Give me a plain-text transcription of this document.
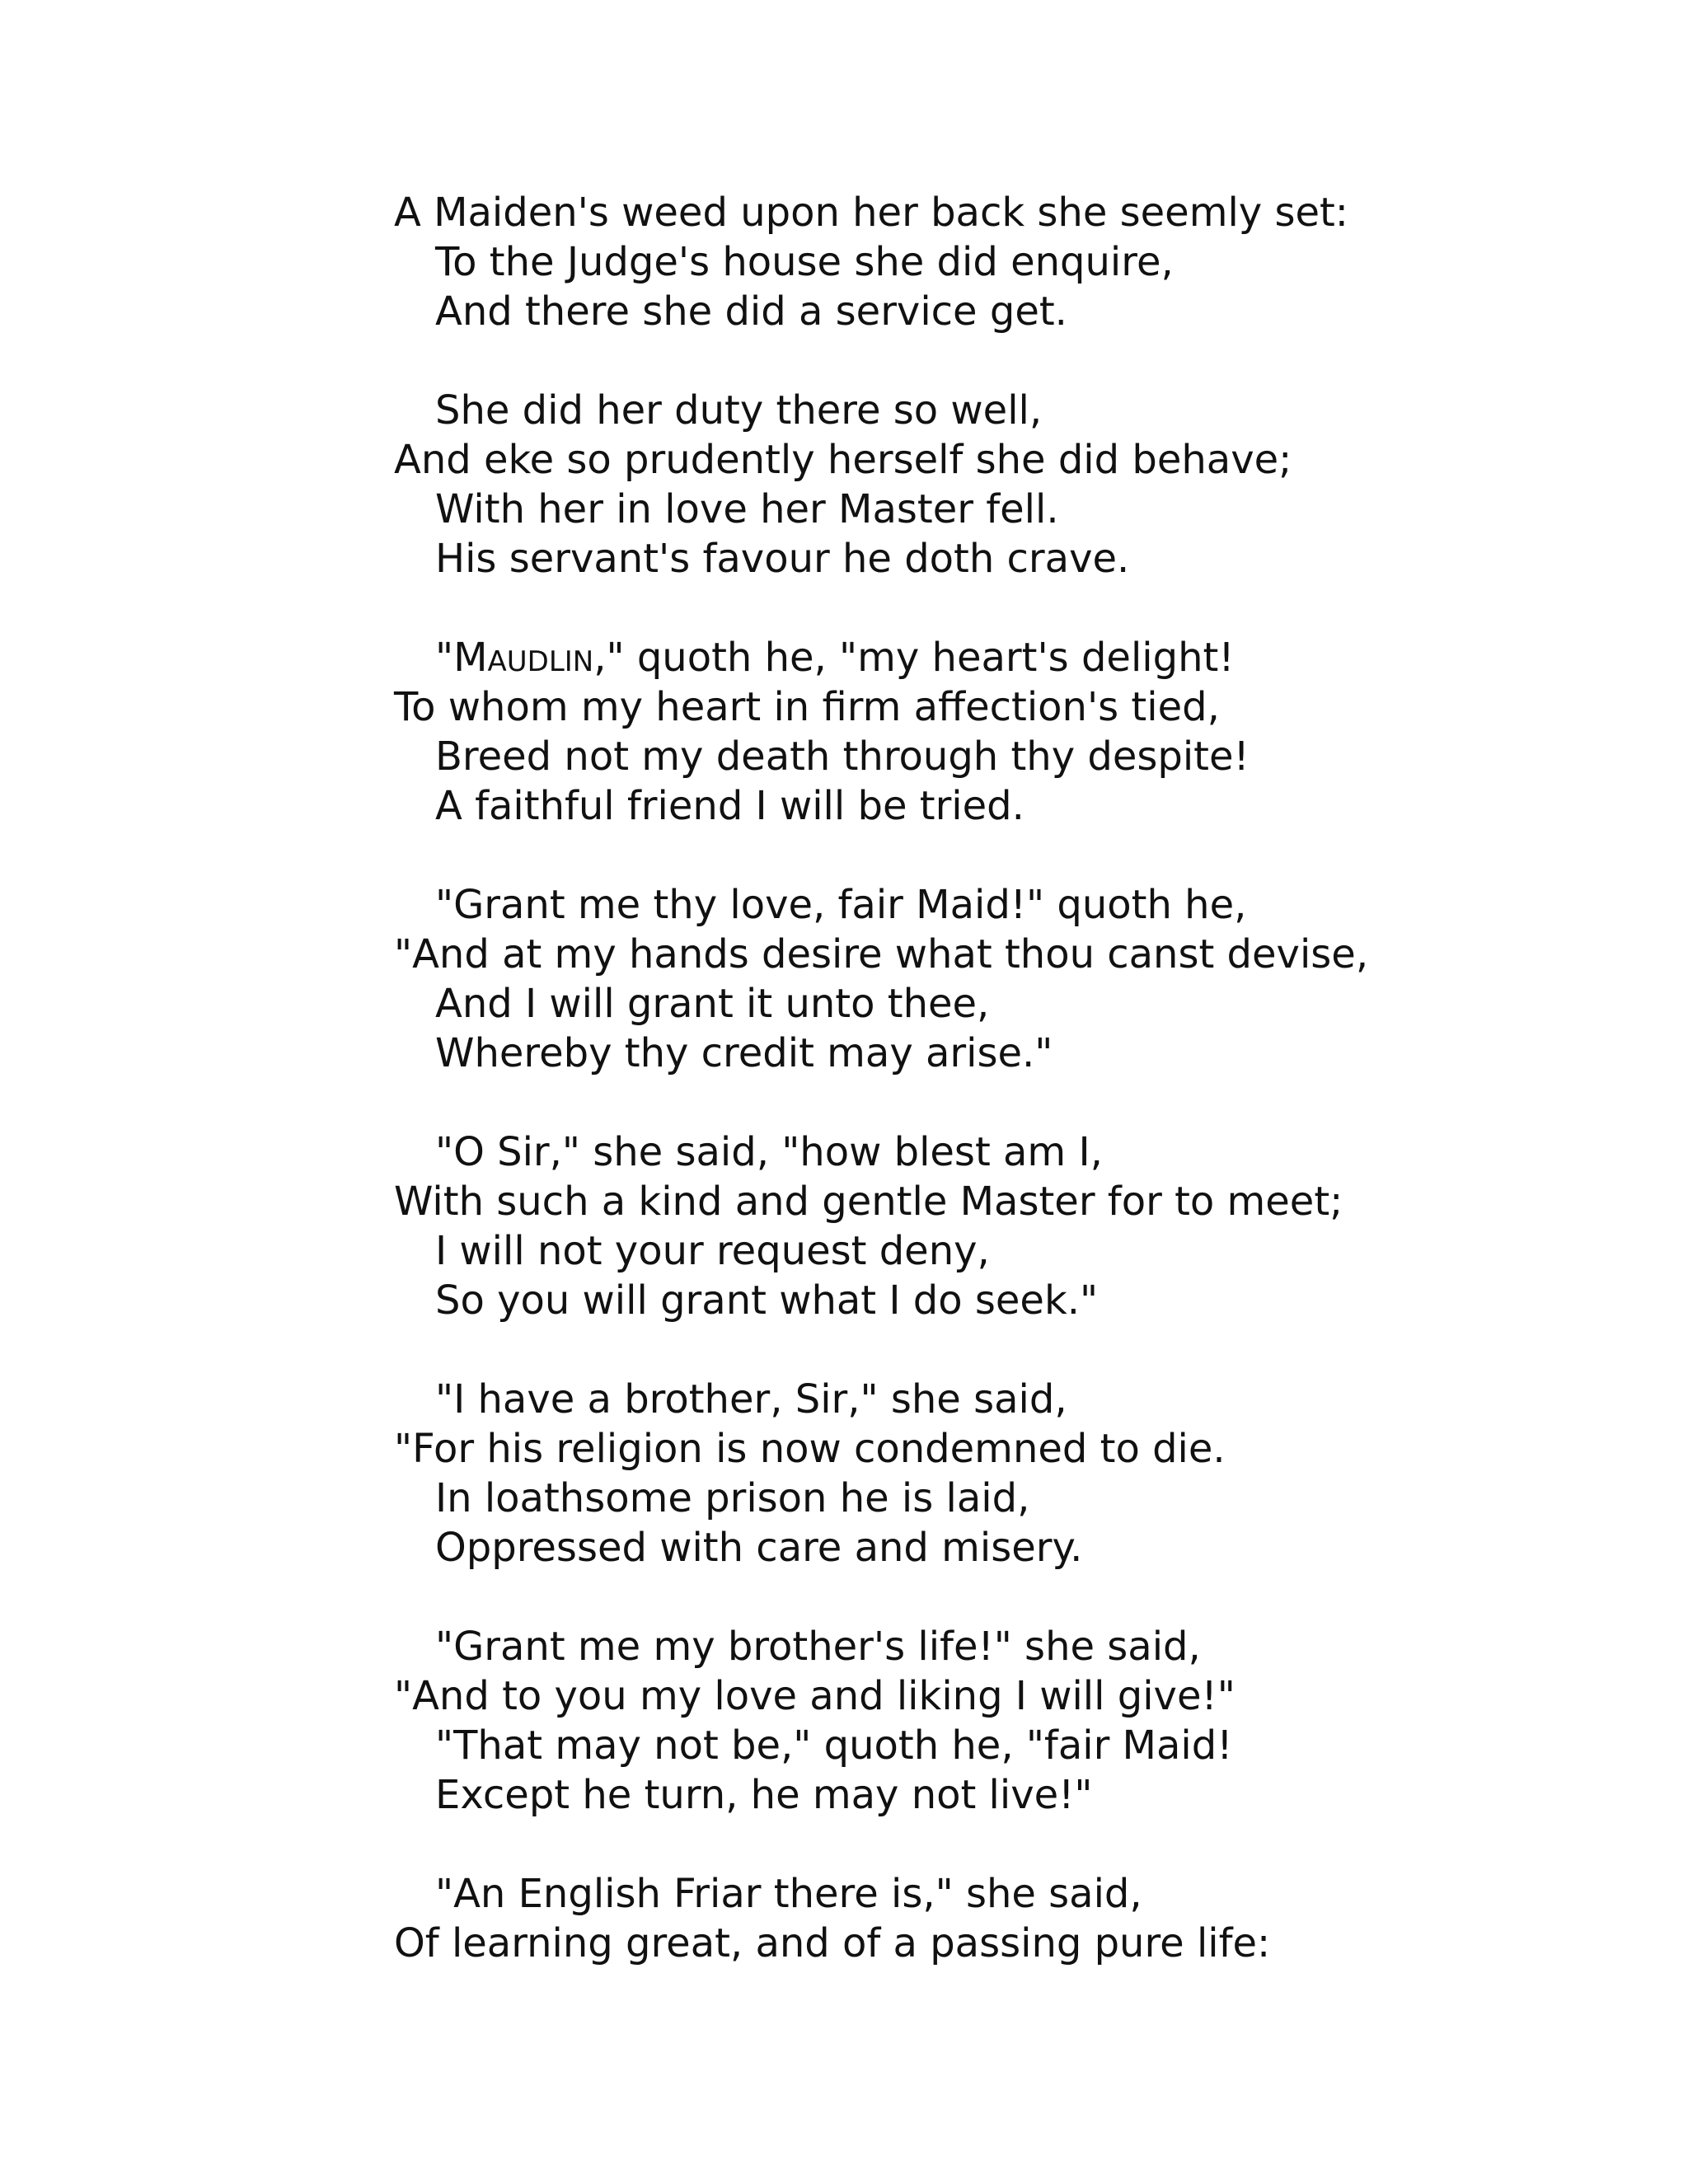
A Maiden's weed upon her back she seemly set:
To the Judge's house she did enquire,
And there she did a service get.
She did her duty there so well,
And eke so prudently herself she did behave;
With her in love her Master fell.
His servant's favour he doth crave.
"Maudlin," quoth he, "my heart's delight!
To whom my heart in firm affection's tied,
Breed not my death through thy despite!
A faithful friend I will be tried.
"Grant me thy love, fair Maid!" quoth he,
"And at my hands desire what thou canst devise,
And I will grant it unto thee,
Whereby thy credit may arise."
"O Sir," she said, "how blest am I,
With such a kind and gentle Master for to meet;
I will not your request deny,
So you will grant what I do seek."
"I have a brother, Sir," she said,
"For his religion is now condemned to die.
In loathsome prison he is laid,
Oppressed with care and misery.
"Grant me my brother's life!" she said,
"And to you my love and liking I will give!"
"That may not be," quoth he, "fair Maid!
Except he turn, he may not live!"
"An English Friar there is," she said,
Of learning great, and of a passing pure life:
